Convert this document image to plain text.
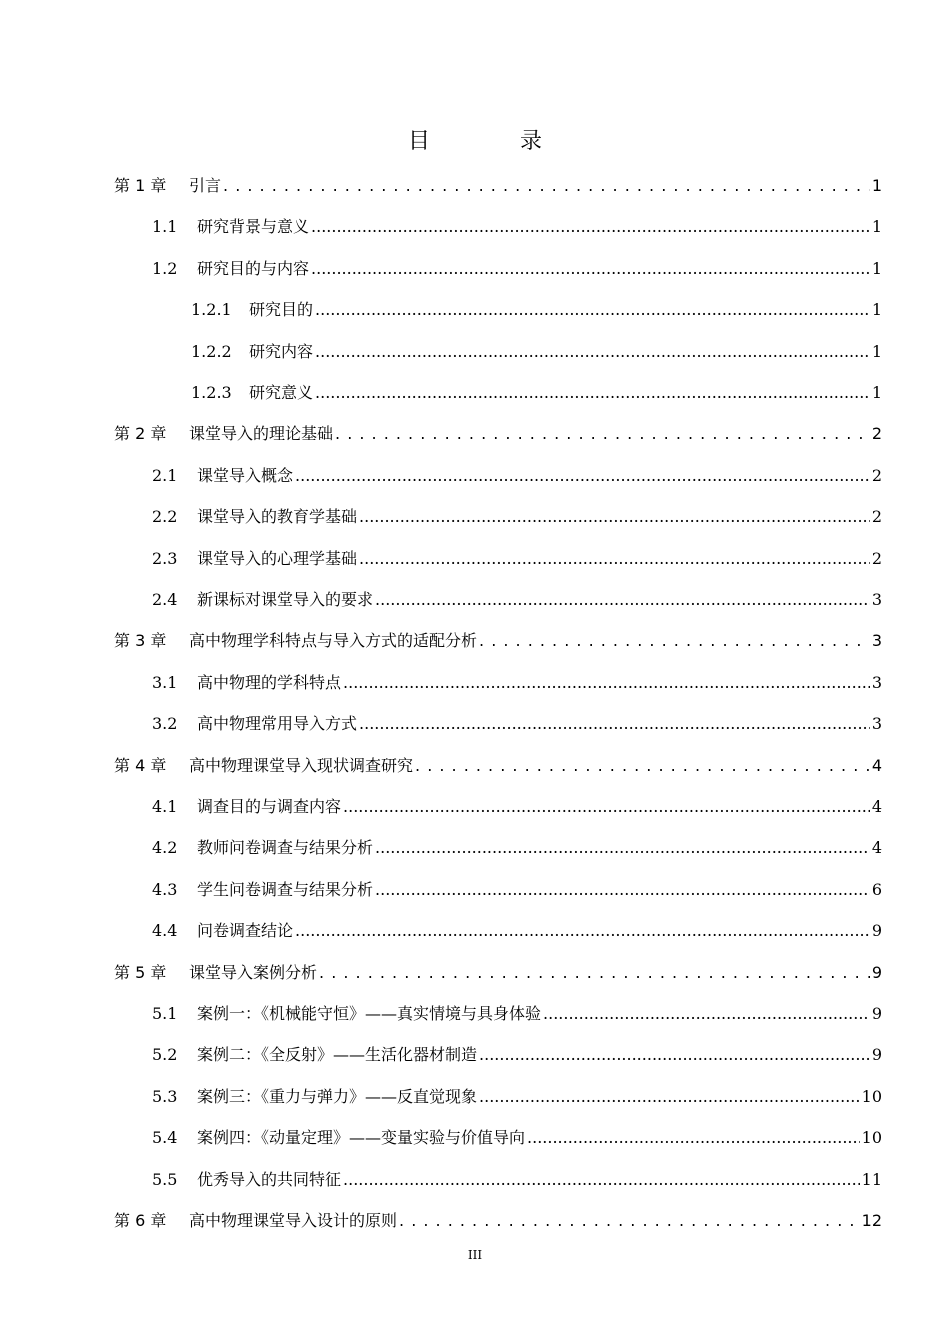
目　录
第 1 章	引言 . . .	1
1.1	研究背景与意义 .....	1
1.2	研究目的与内容 .....	1
1.2.1	研究目的 .....	1
1.2.2	研究内容 .....	1
1.2.3	研究意义 .....	1
第 2 章	课堂导入的理论基础 . . .	2
2.1	课堂导入概念 .....	2
2.2	课堂导入的教育学基础 .....	2
2.3	课堂导入的心理学基础 .....	2
2.4	新课标对课堂导入的要求 .....	3
第 3 章	高中物理学科特点与导入方式的适配分析 . . .	3
3.1	高中物理的学科特点 .....	3
3.2	高中物理常用导入方式 .....	3
第 4 章	高中物理课堂导入现状调查研究 . . .	4
4.1	调查目的与调查内容 .....	4
4.2	教师问卷调查与结果分析 .....	4
4.3	学生问卷调查与结果分析 .....	6
4.4	问卷调查结论 .....	9
第 5 章	课堂导入案例分析 . . .	9
5.1	案例一：《机械能守恒》——真实情境与具身体验 .....	9
5.2	案例二：《全反射》——生活化器材制造 .....	9
5.3	案例三：《重力与弹力》——反直觉现象 .....	10
5.4	案例四：《动量定理》——变量实验与价值导向 .....	10
5.5	优秀导入的共同特征 .....	11
第 6 章	高中物理课堂导入设计的原则 . . .	12
III
